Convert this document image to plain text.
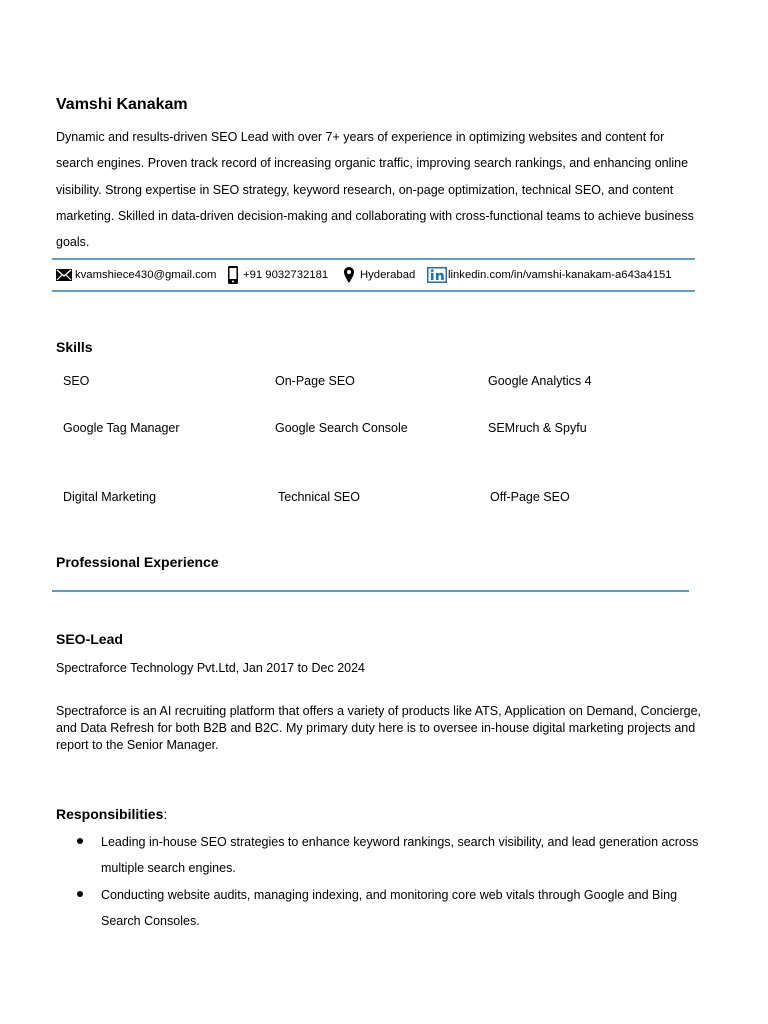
Vamshi Kanakam
Dynamic and results-driven SEO Lead with over 7+ years of experience in optimizing websites and content for search engines. Proven track record of increasing organic traffic, improving search rankings, and enhancing online visibility. Strong expertise in SEO strategy, keyword research, on-page optimization, technical SEO, and content marketing. Skilled in data-driven decision-making and collaborating with cross-functional teams to achieve business goals.
kvamshiece430@gmail.com +91 9032732181	Hyderabad	linkedin.com/in/vamshi-kanakam-a643a4151
Skills
SEO	On-Page SEO	Google Analytics 4
Google Tag Manager	Google Search Console	SEMruch & Spyfu
Digital Marketing	Technical SEO	Off-Page SEO
Professional Experience
SEO-Lead
Spectraforce Technology Pvt.Ltd, Jan 2017 to Dec 2024
Spectraforce is an AI recruiting platform that offers a variety of products like ATS, Application on Demand, Concierge, and Data Refresh for both B2B and B2C. My primary duty here is to oversee in-house digital marketing projects and report to the Senior Manager.
Responsibilities:
Leading in-house SEO strategies to enhance keyword rankings, search visibility, and lead generation across multiple search engines.
Conducting website audits, managing indexing, and monitoring core web vitals through Google and Bing Search Consoles.
